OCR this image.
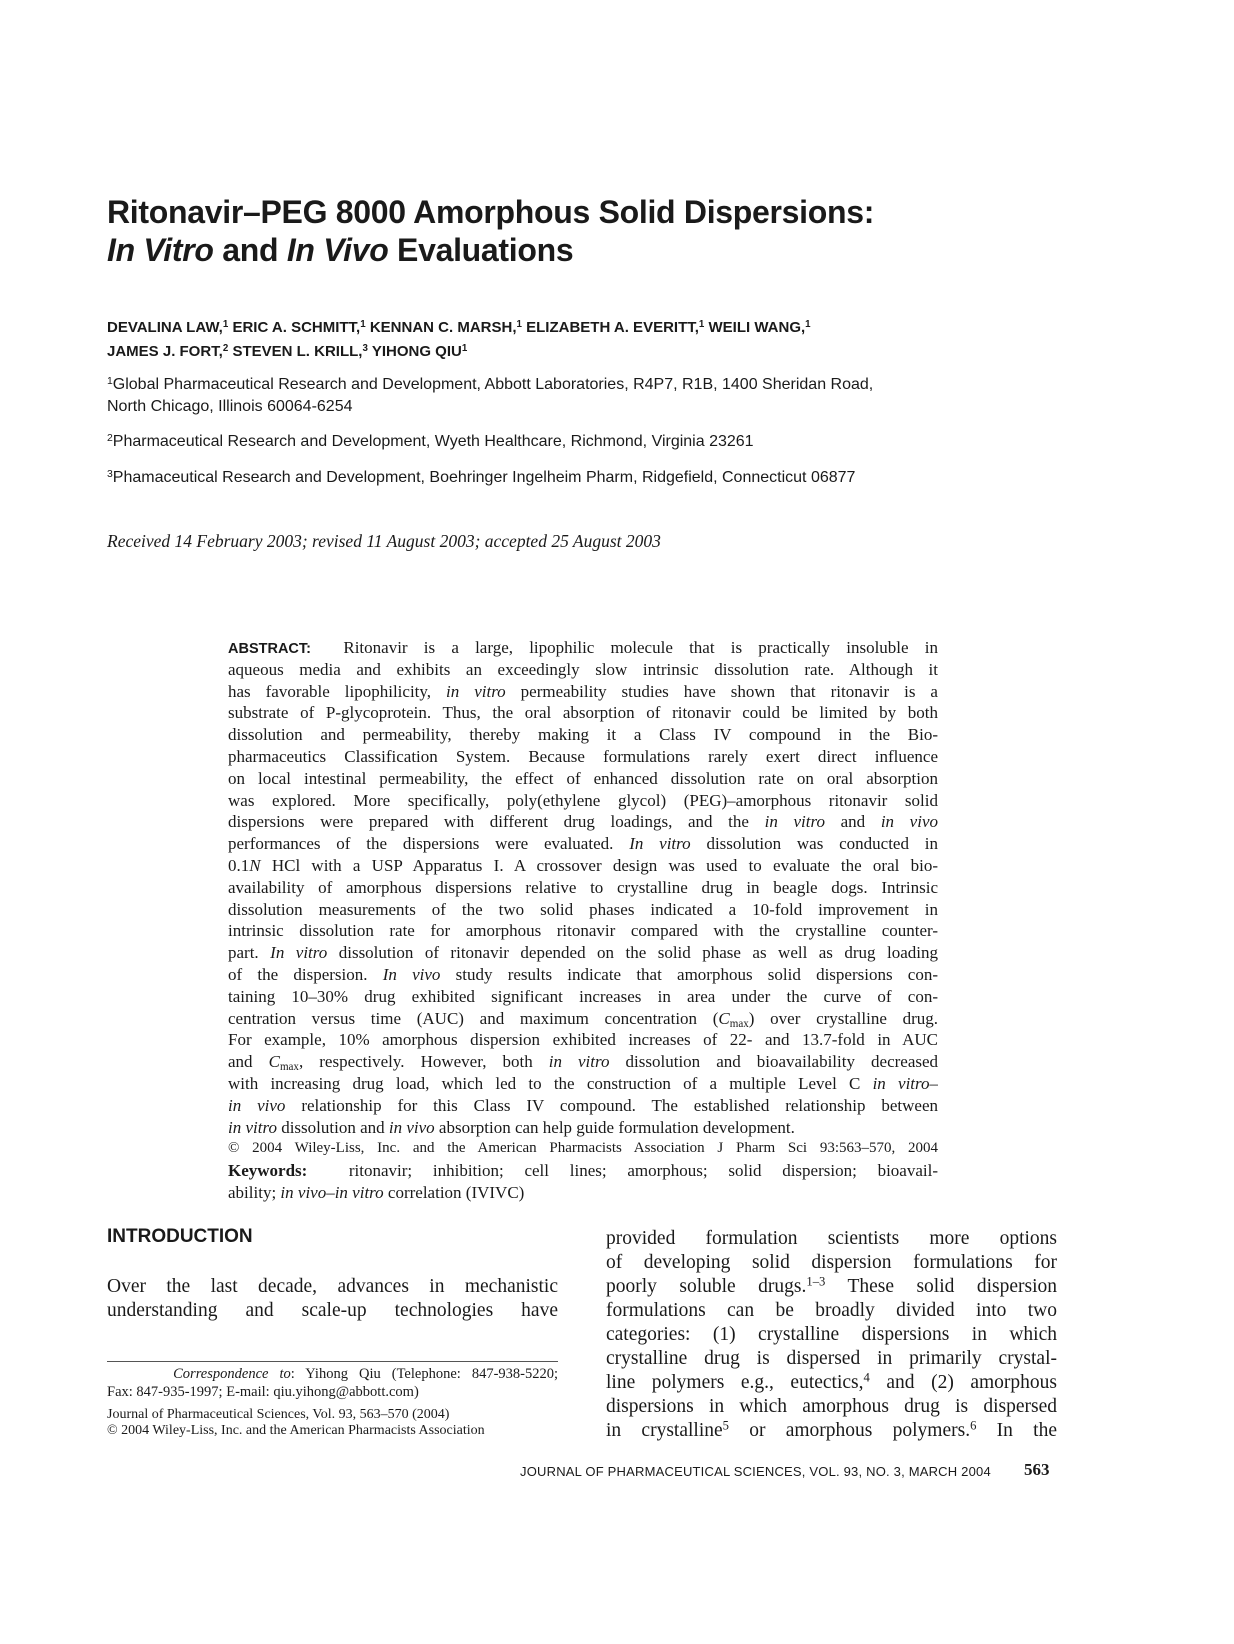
Ritonavir–PEG 8000 Amorphous Solid Dispersions:
In Vitro and In Vivo Evaluations
DEVALINA LAW,$^1$ ERIC A. SCHMITT,$^1$ KENNAN C. MARSH,$^1$ ELIZABETH A. EVERITT,$^1$ WEILI WANG,$^1$
JAMES J. FORT,$^2$ STEVEN L. KRILL,$^3$ YIHONG QIU$^1$
$^1$Global Pharmaceutical Research and Development, Abbott Laboratories, R4P7, R1B, 1400 Sheridan Road,
North Chicago, Illinois 60064-6254
$^2$Pharmaceutical Research and Development, Wyeth Healthcare, Richmond, Virginia 23261
$^3$Phamaceutical Research and Development, Boehringer Ingelheim Pharm, Ridgefield, Connecticut 06877
Received 14 February 2003; revised 11 August 2003; accepted 25 August 2003
ABSTRACT:  Ritonavir is a large, lipophilic molecule that is practically insoluble in
aqueous media and exhibits an exceedingly slow intrinsic dissolution rate. Although it
has favorable lipophilicity, in vitro permeability studies have shown that ritonavir is a
substrate of P-glycoprotein. Thus, the oral absorption of ritonavir could be limited by both
dissolution and permeability, thereby making it a Class IV compound in the Bio-
pharmaceutics Classification System. Because formulations rarely exert direct influence
on local intestinal permeability, the effect of enhanced dissolution rate on oral absorption
was explored. More specifically, poly(ethylene glycol) (PEG)–amorphous ritonavir solid
dispersions were prepared with different drug loadings, and the in vitro and in vivo
performances of the dispersions were evaluated. In vitro dissolution was conducted in
0.1N HCl with a USP Apparatus I. A crossover design was used to evaluate the oral bio-
availability of amorphous dispersions relative to crystalline drug in beagle dogs. Intrinsic
dissolution measurements of the two solid phases indicated a 10-fold improvement in
intrinsic dissolution rate for amorphous ritonavir compared with the crystalline counter-
part. In vitro dissolution of ritonavir depended on the solid phase as well as drug loading
of the dispersion. In vivo study results indicate that amorphous solid dispersions con-
taining 10–30% drug exhibited significant increases in area under the curve of con-
centration versus time (AUC) and maximum concentration $(C_{max})$ over crystalline drug.
For example, 10% amorphous dispersion exhibited increases of 22- and 13.7-fold in AUC
and $C_{max}$, respectively. However, both in vitro dissolution and bioavailability decreased
with increasing drug load, which led to the construction of a multiple Level C in vitro–
in vivo relationship for this Class IV compound. The established relationship between
in vitro dissolution and in vivo absorption can help guide formulation development.
© 2004 Wiley-Liss, Inc. and the American Pharmacists Association J Pharm Sci 93:563–570, 2004
Keywords:  ritonavir; inhibition; cell lines; amorphous; solid dispersion; bioavail-
ability; in vivo–in vitro correlation (IVIVC)
INTRODUCTION
Over the last decade, advances in mechanistic
understanding and scale-up technologies have
provided formulation scientists more options
of developing solid dispersion formulations for
poorly soluble drugs.$^{1-3}$ These solid dispersion
formulations can be broadly divided into two
categories: (1) crystalline dispersions in which
crystalline drug is dispersed in primarily crystal-
line polymers e.g., eutectics,$^4$ and (2) amorphous
dispersions in which amorphous drug is dispersed
in crystalline$^5$ or amorphous polymers.$^6$ In the
Correspondence to: Yihong Qiu (Telephone: 847-938-5220;
Fax: 847-935-1997; E-mail: qiu.yihong@abbott.com)
Journal of Pharmaceutical Sciences, Vol. 93, 563–570 (2004)
© 2004 Wiley-Liss, Inc. and the American Pharmacists Association
JOURNAL OF PHARMACEUTICAL SCIENCES, VOL. 93, NO. 3, MARCH 2004 563
